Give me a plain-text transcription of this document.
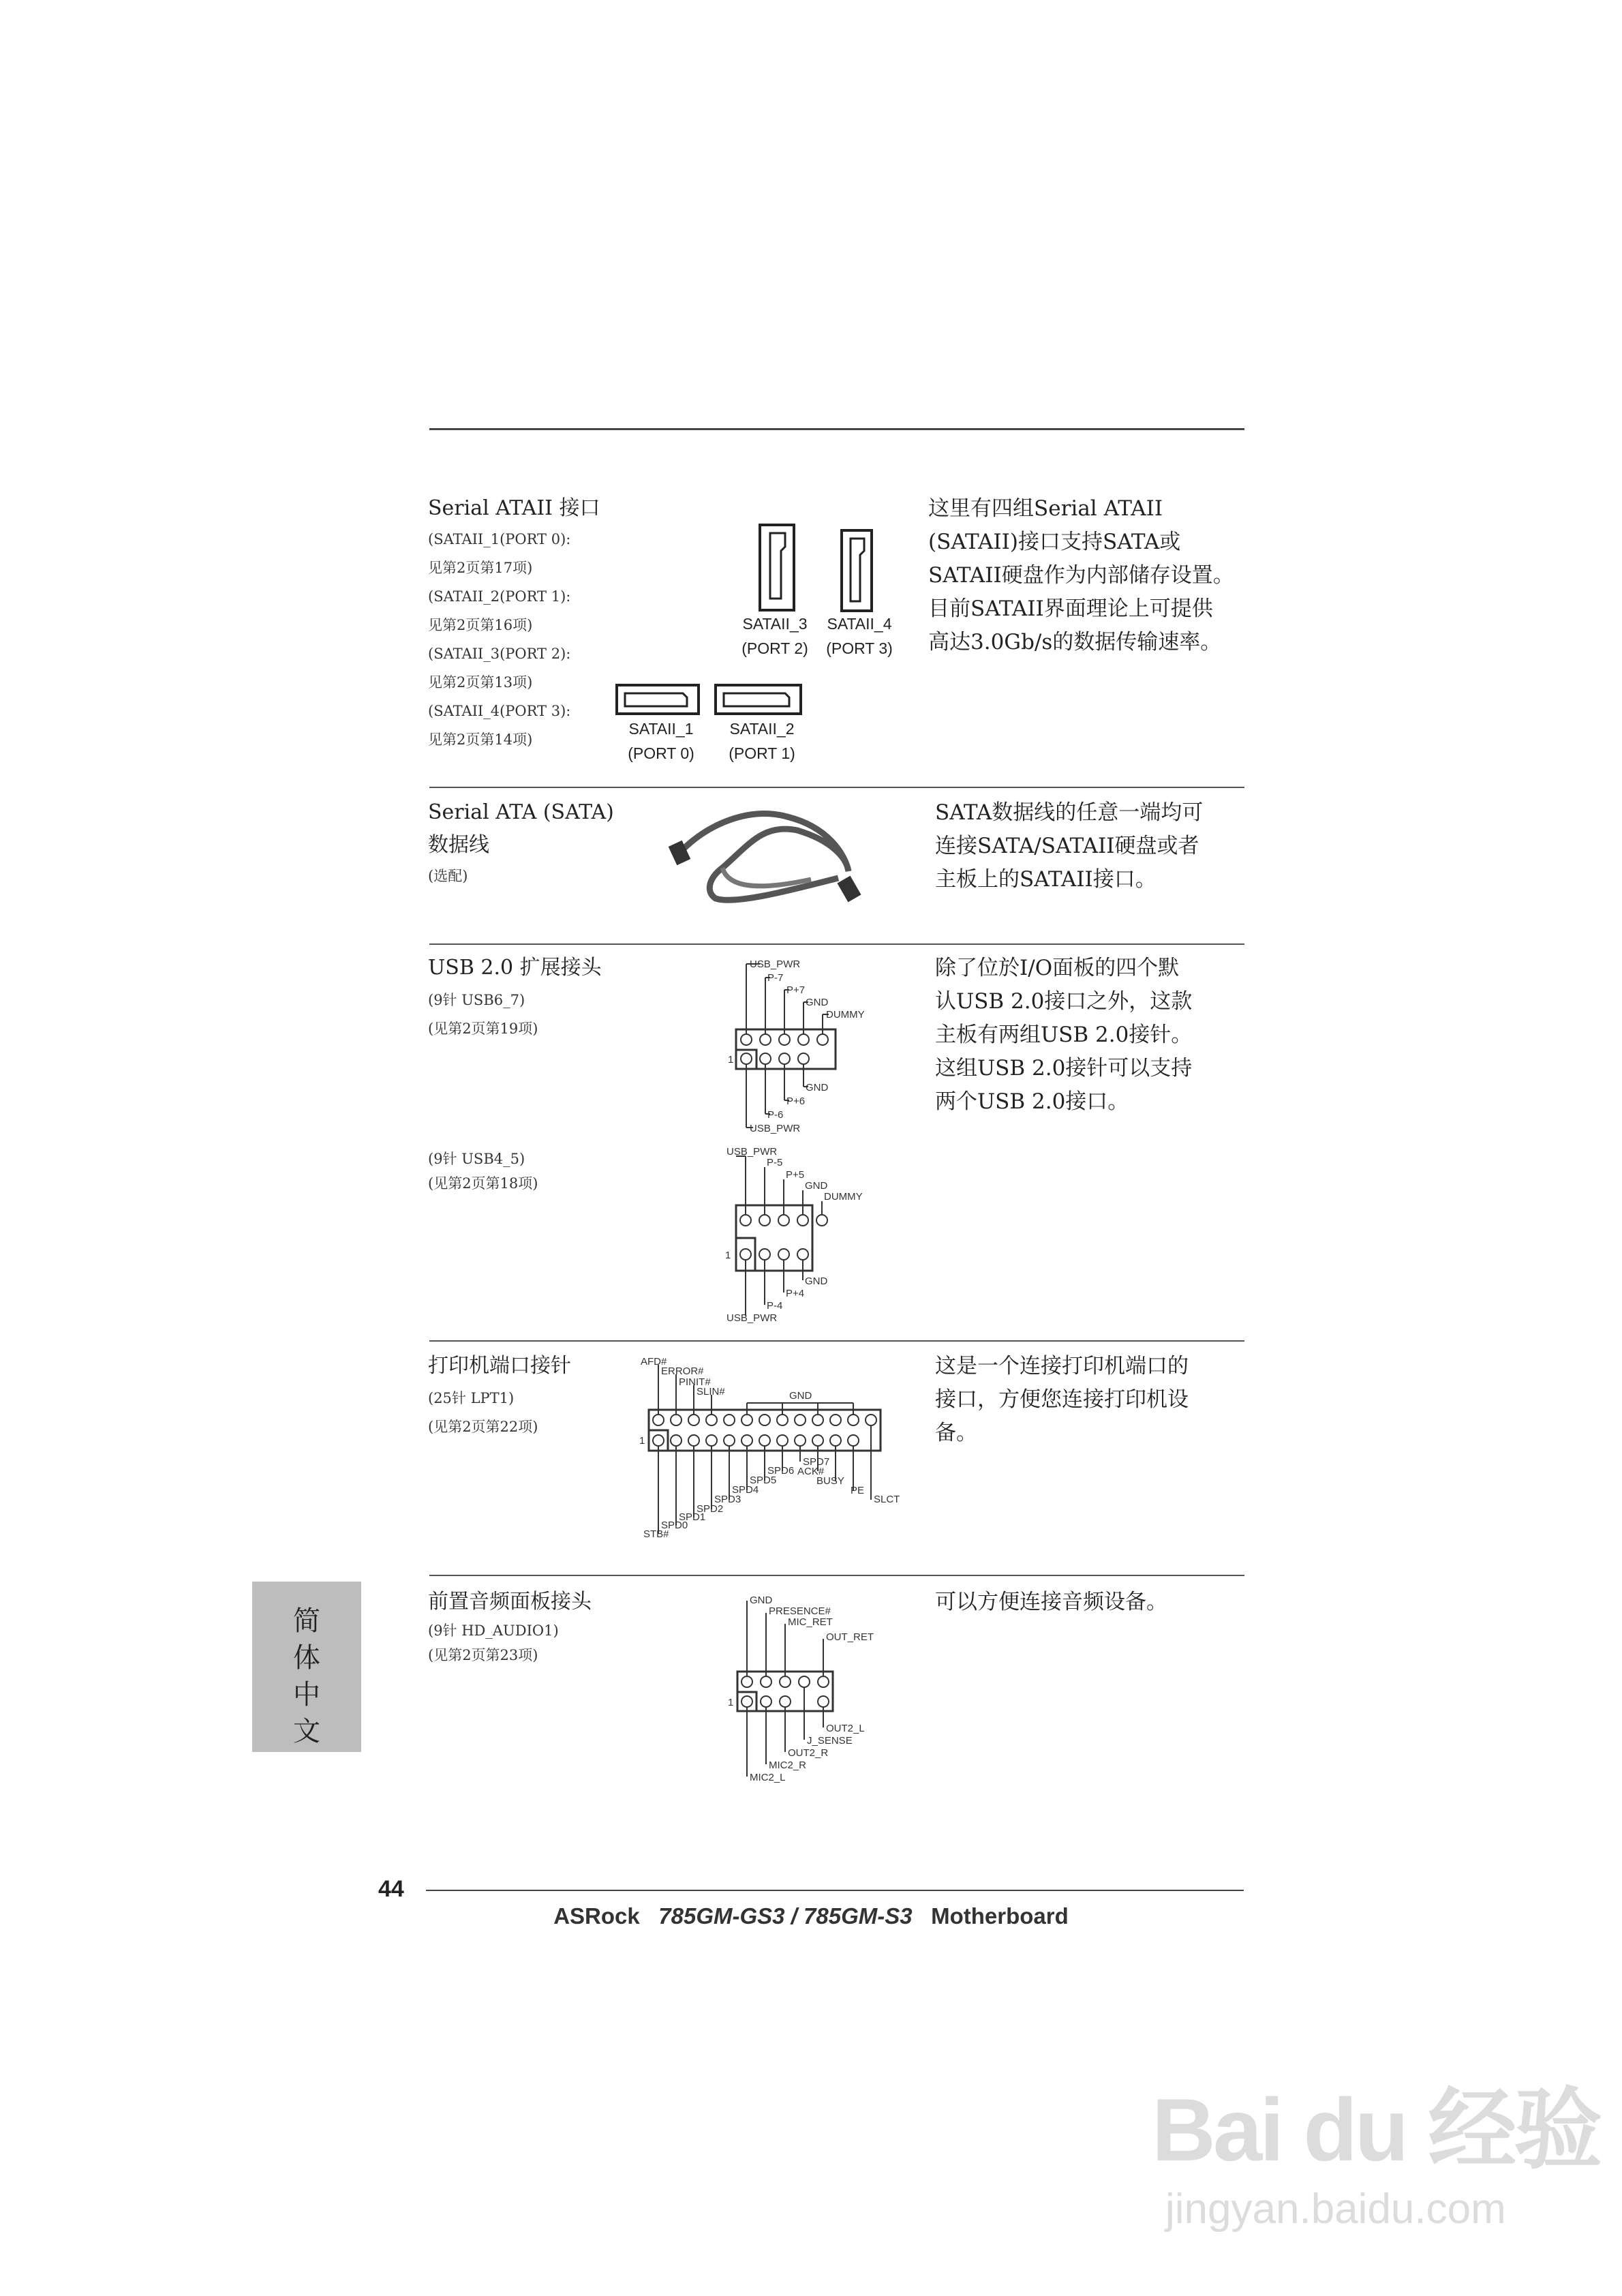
Serial ATAII 接口
(SATAII_1(PORT 0):
见第2页第17项)
(SATAII_2(PORT 1):
见第2页第16项)
(SATAII_3(PORT 2):
见第2页第13项)
(SATAII_4(PORT 3):
见第2页第14项)
SATAII_3
(PORT 2)
SATAII_4
(PORT 3)
SATAII_1
(PORT 0)
SATAII_2
(PORT 1)
这里有四组Serial ATAII
(SATAII)接口支持SATA或
SATAII硬盘作为内部储存设置。
目前SATAII界面理论上可提供
高达3.0Gb/s的数据传输速率。
Serial ATA (SATA)
数据线
(选配)
SATA数据线的任意一端均可
连接SATA/SATAII硬盘或者
主板上的SATAII接口。
USB 2.0 扩展接头
(9针 USB6_7)
(见第2页第19项)
(9针 USB4_5)
(见第2页第18项)
USB_PWR
P-7
P+7
GND
DUMMY
GND
P+6
P-6
USB_PWR
1
USB_PWR
P-5
P+5
GND
DUMMY
GND
P+4
P-4
USB_PWR
1
除了位於I/O面板的四个默
认USB 2.0接口之外，这款
主板有两组USB 2.0接针。
这组USB 2.0接针可以支持
两个USB 2.0接口。
打印机端口接针
(25针 LPT1)
(见第2页第22项)
AFD#
ERROR#
PINIT#
SLIN#	GND
SPD7
SPD6 ACK#
SPD5	BUSY
SPD4	PE
SPD3	SLCT
SPD2
SPD1
SPD0
STB#
1
这是一个连接打印机端口的
接口，方便您连接打印机设
备。
前置音频面板接头
(9针 HD_AUDIO1)
(见第2页第23项)
GND
PRESENCE#
MIC_RET
OUT_RET
OUT2_L
J_SENSE
OUT2_R
MIC2_R
MIC2_L
1
可以方便连接音频设备。
简
体
中
文
44
ASRock 785GM-GS3 / 785GM-S3 Motherboard
Bai du 经验
jingyan.baidu.com
